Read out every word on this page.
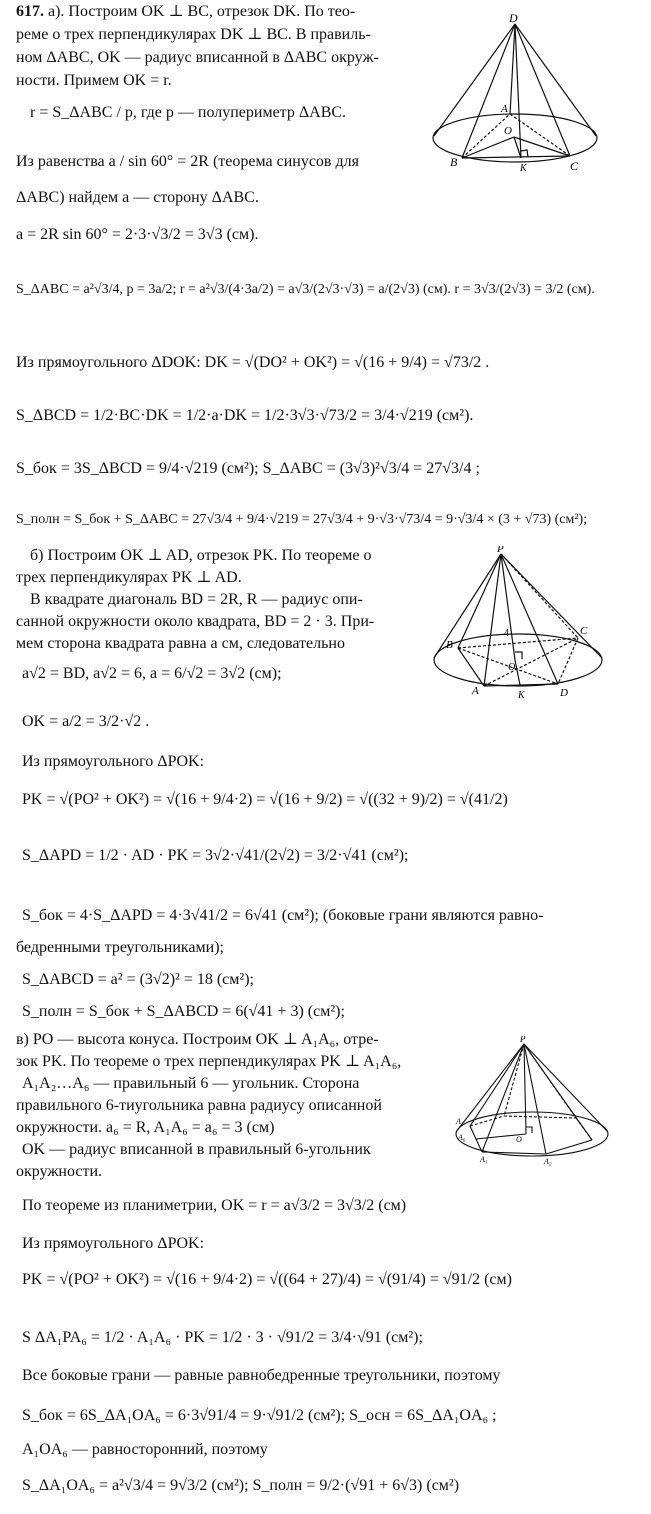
617. а). Построим OK ⊥ BC, отрезок DK. По тео-
реме о трех перпендикулярах DK ⊥ BC. В правиль-
ном ΔABC, OK — радиус вписанной в ΔABC окруж-
ности. Примем OK = r.
r = S_ΔABC / p, где p — полупериметр ΔABC.
Из равенства a / sin 60° = 2R (теорема синусов для
ΔABC) найдем a — сторону ΔABC.
a = 2R sin 60° = 2·3·√3/2 = 3√3 (см).
S_ΔABC = a²√3/4, p = 3a/2; r = a²√3/(4·3a/2) = a√3/(2√3·√3) = a/(2√3) (см). r = 3√3/(2√3) = 3/2 (см).
Из прямоугольного ΔDOK: DK = √(DO² + OK²) = √(16 + 9/4) = √73/2 .
S_ΔBCD = 1/2·BC·DK = 1/2·a·DK = 1/2·3√3·√73/2 = 3/4·√219 (см²).
S_бок = 3S_ΔBCD = 9/4·√219 (см²); S_ΔABC = (3√3)²√3/4 = 27√3/4 ;
S_полн = S_бок + S_ΔABC = 27√3/4 + 9/4·√219 = 27√3/4 + 9·√3·√73/4 = 9·√3/4 × (3 + √73) (см²);
D
A
O
B	K	C
б) Построим OK ⊥ AD, отрезок PK. По теореме о
трех перпендикулярах PK ⊥ AD.
В квадрате диагональ BD = 2R, R — радиус опи-
санной окружности около квадрата, BD = 2 · 3. При-
мем сторона квадрата равна a см, следовательно
a√2 = BD, a√2 = 6, a = 6/√2 = 3√2 (см);
OK = a/2 = 3/2·√2 .
Из прямоугольного ΔPOK:
PK = √(PO² + OK²) = √(16 + 9/4·2) = √(16 + 9/2) = √((32 + 9)/2) = √(41/2)
S_ΔAPD = 1/2 · AD · PK = 3√2·√41/(2√2) = 3/2·√41 (см²);
S_бок = 4·S_ΔAPD = 4·3√41/2 = 6√41 (см²); (боковые грани являются равно-
бедренными треугольниками);
S_ΔABCD = a² = (3√2)² = 18 (см²);
S_полн = S_бок + S_ΔABCD = 6(√41 + 3) (см²);
P
B
C
4
O
A	K	D
в) PO — высота конуса. Построим OK ⊥ A₁A₆, отре-
зок PK. По теореме о трех перпендикулярах PK ⊥ A₁A₆,
A₁A₂…A₆ — правильный 6 — угольник. Сторона
правильного 6-тиугольника равна радиусу описанной
окружности. a₆ = R, A₁A₆ = a₆ = 3 (см)
OK — радиус вписанной в правильный 6-угольник
окружности.
По теореме из планиметрии, OK = r = a√3/2 = 3√3/2 (см)
Из прямоугольного ΔPOK:
PK = √(PO² + OK²) = √(16 + 9/4·2) = √((64 + 27)/4) = √(91/4) = √91/2 (см)
S ΔA₁PA₆ = 1/2 · A₁A₆ · PK = 1/2 · 3 · √91/2 = 3/4·√91 (см²);
Все боковые грани — равные равнобедренные треугольники, поэтому
S_бок = 6S_ΔA₁OA₆ = 6·3√91/4 = 9·√91/2 (см²); S_осн = 6S_ΔA₁OA₆ ;
A₁OA₆ — равносторонний, поэтому
S_ΔA₁OA₆ = a²√3/4 = 9√3/2 (см²); S_полн = 9/2·(√91 + 6√3) (см²)
P
A₃
A₆	O
A₁	A₂
